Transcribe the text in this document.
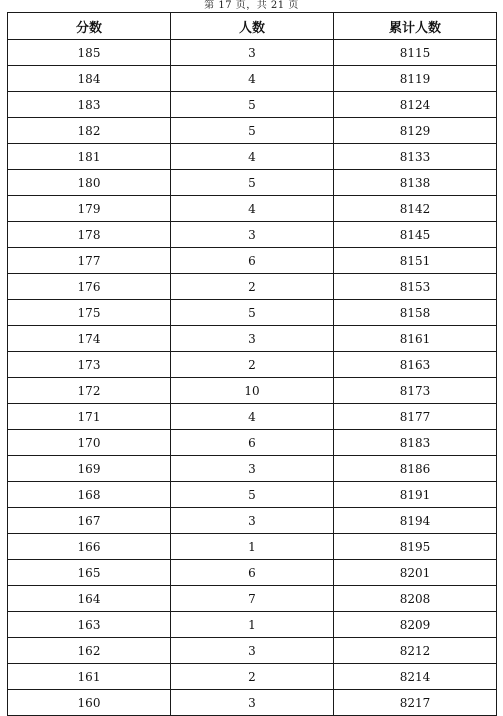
第 17 页，共 21 页
分数	人数	累计人数
185	3	8115
184	4	8119
183	5	8124
182	5	8129
181	4	8133
180	5	8138
179	4	8142
178	3	8145
177	6	8151
176	2	8153
175	5	8158
174	3	8161
173	2	8163
172	10	8173
171	4	8177
170	6	8183
169	3	8186
168	5	8191
167	3	8194
166	1	8195
165	6	8201
164	7	8208
163	1	8209
162	3	8212
161	2	8214
160	3	8217
